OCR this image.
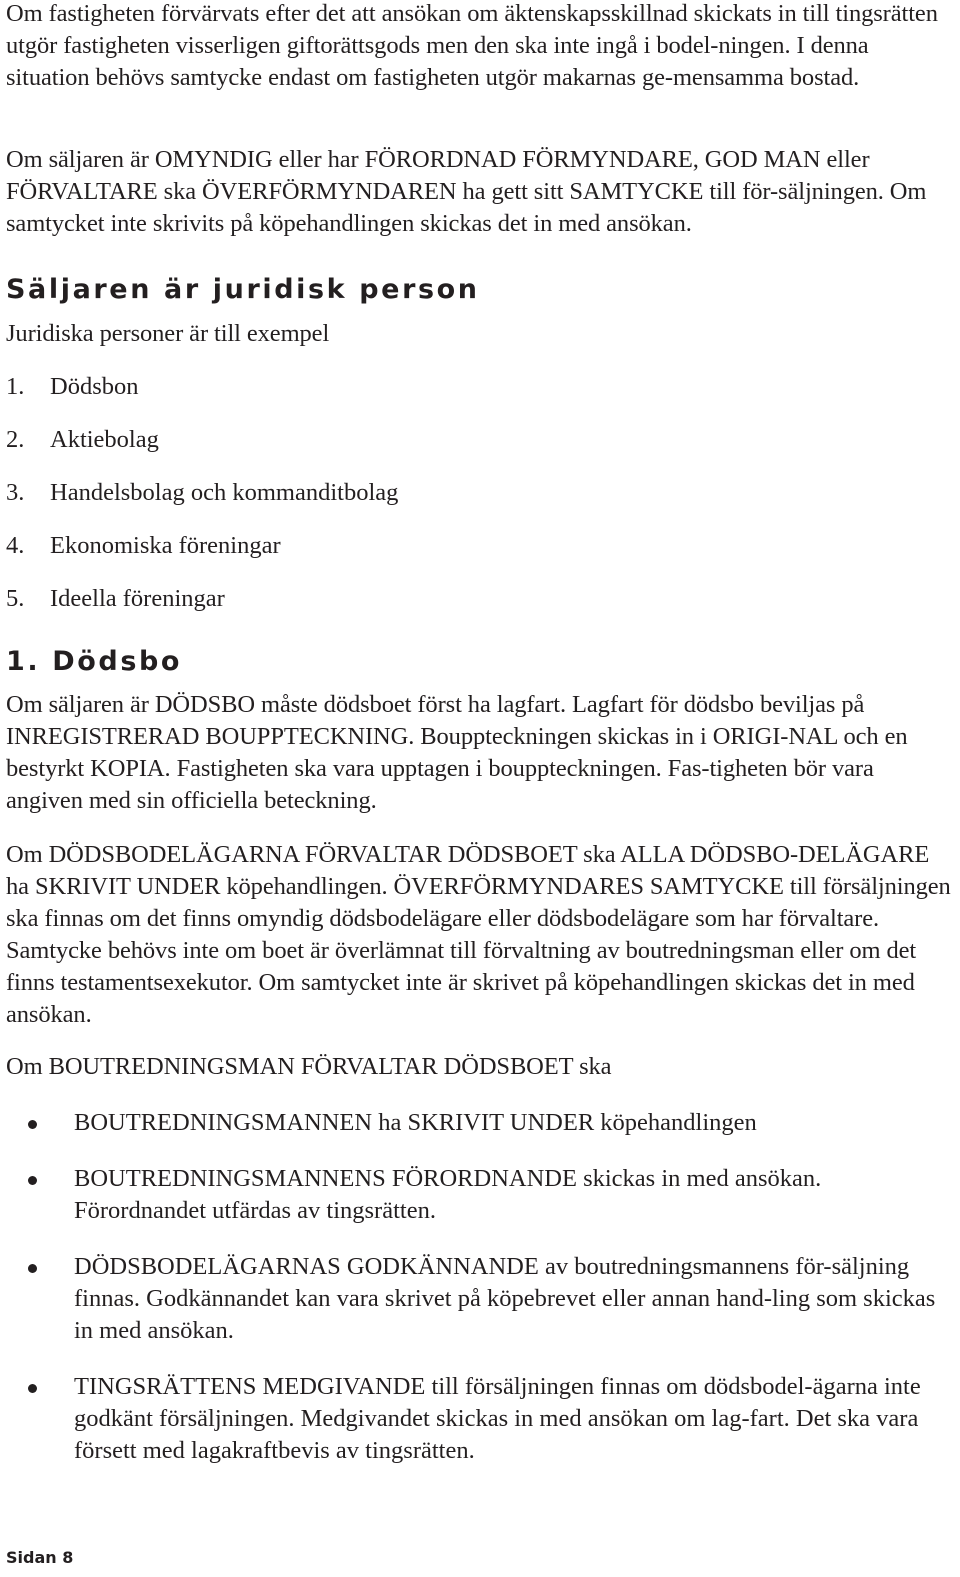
Om fastigheten förvärvats efter det att ansökan om äktenskapsskillnad skickats in till tingsrätten utgör fastigheten visserligen giftorättsgods men den ska inte ingå i bodel-ningen. I denna situation behövs samtycke endast om fastigheten utgör makarnas ge-mensamma bostad.

Om säljaren är OMYNDIG eller har FÖRORDNAD FÖRMYNDARE, GOD MAN eller FÖRVALTARE ska ÖVERFÖRMYNDAREN ha gett sitt SAMTYCKE till för-säljningen. Om samtycket inte skrivits på köpehandlingen skickas det in med ansökan.

Säljaren är juridisk person

Juridiska personer är till exempel

1.	Dödsbon
2.	Aktiebolag
3.	Handelsbolag och kommanditbolag
4.	Ekonomiska föreningar
5.	Ideella föreningar
1. Dödsbo

Om säljaren är DÖDSBO måste dödsboet först ha lagfart. Lagfart för dödsbo beviljas på INREGISTRERAD BOUPPTECKNING. Bouppteckningen skickas in i ORIGI-NAL och en bestyrkt KOPIA. Fastigheten ska vara upptagen i bouppteckningen. Fas-tigheten bör vara angiven med sin officiella beteckning.

Om DÖDSBODELÄGARNA FÖRVALTAR DÖDSBOET ska ALLA DÖDSBO-DELÄGARE ha SKRIVIT UNDER köpehandlingen. ÖVERFÖRMYNDARES SAMTYCKE till försäljningen ska finnas om det finns omyndig dödsbodelägare eller dödsbodelägare som har förvaltare. Samtycke behövs inte om boet är överlämnat till förvaltning av boutredningsman eller om det finns testamentsexekutor. Om samtycket inte är skrivet på köpehandlingen skickas det in med ansökan.

Om BOUTREDNINGSMAN FÖRVALTAR DÖDSBOET ska

BOUTREDNINGSMANNEN ha SKRIVIT UNDER köpehandlingen
BOUTREDNINGSMANNENS FÖRORDNANDE skickas in med ansökan. Förordnandet utfärdas av tingsrätten.
DÖDSBODELÄGARNAS GODKÄNNANDE av boutredningsmannens för-säljning finnas. Godkännandet kan vara skrivet på köpebrevet eller annan hand-ling som skickas in med ansökan.
TINGSRÄTTENS MEDGIVANDE till försäljningen finnas om dödsbodel-ägarna inte godkänt försäljningen. Medgivandet skickas in med ansökan om lag-fart. Det ska vara försett med lagakraftbevis av tingsrätten.
Sidan 8
